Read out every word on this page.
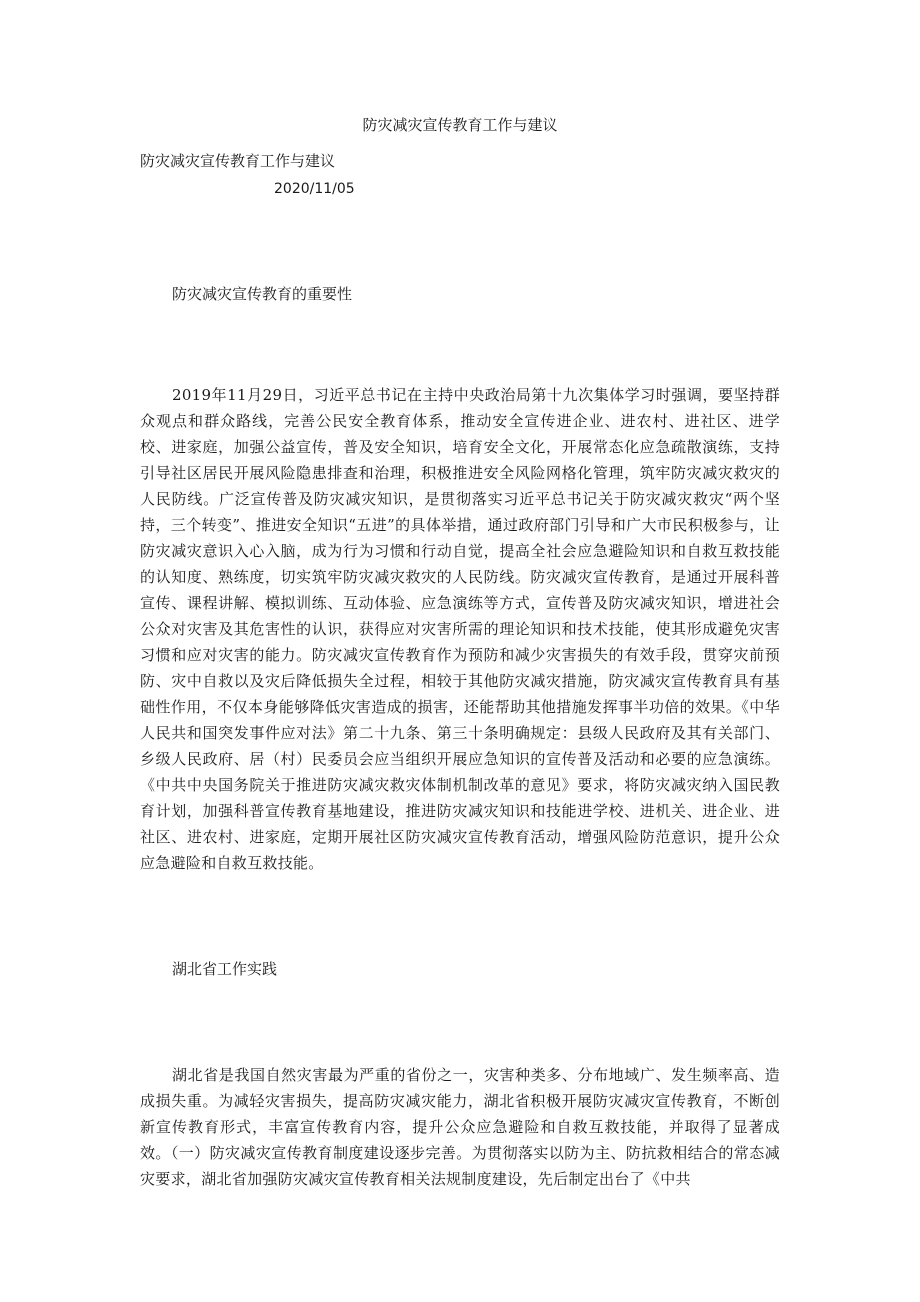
防灾减灾宣传教育工作与建议
防灾减灾宣传教育工作与建议
2020/11/05
防灾减灾宣传教育的重要性

2019年11月29日，习近平总书记在主持中央政治局第十九次集体学习时强调，要坚持群众观点和群众路线，完善公民安全教育体系，推动安全宣传进企业、进农村、进社区、进学校、进家庭，加强公益宣传，普及安全知识，培育安全文化，开展常态化应急疏散演练，支持引导社区居民开展风险隐患排查和治理，积极推进安全风险网格化管理，筑牢防灾减灾救灾的人民防线。广泛宣传普及防灾减灾知识，是贯彻落实习近平总书记关于防灾减灾救灾“两个坚持，三个转变”、推进安全知识“五进”的具体举措，通过政府部门引导和广大市民积极参与，让防灾减灾意识入心入脑，成为行为习惯和行动自觉，提高全社会应急避险知识和自救互救技能的认知度、熟练度，切实筑牢防灾减灾救灾的人民防线。防灾减灾宣传教育，是通过开展科普宣传、课程讲解、模拟训练、互动体验、应急演练等方式，宣传普及防灾减灾知识，增进社会公众对灾害及其危害性的认识，获得应对灾害所需的理论知识和技术技能，使其形成避免灾害习惯和应对灾害的能力。防灾减灾宣传教育作为预防和减少灾害损失的有效手段，贯穿灾前预防、灾中自救以及灾后降低损失全过程，相较于其他防灾减灾措施，防灾减灾宣传教育具有基础性作用，不仅本身能够降低灾害造成的损害，还能帮助其他措施发挥事半功倍的效果。《中华人民共和国突发事件应对法》第二十九条、第三十条明确规定：县级人民政府及其有关部门、乡级人民政府、居（村）民委员会应当组织开展应急知识的宣传普及活动和必要的应急演练。《中共中央国务院关于推进防灾减灾救灾体制机制改革的意见》要求，将防灾减灾纳入国民教育计划，加强科普宣传教育基地建设，推进防灾减灾知识和技能进学校、进机关、进企业、进社区、进农村、进家庭，定期开展社区防灾减灾宣传教育活动，增强风险防范意识，提升公众应急避险和自救互救技能。

湖北省工作实践

湖北省是我国自然灾害最为严重的省份之一，灾害种类多、分布地域广、发生频率高、造成损失重。为减轻灾害损失，提高防灾减灾能力，湖北省积极开展防灾减灾宣传教育，不断创新宣传教育形式，丰富宣传教育内容，提升公众应急避险和自救互救技能，并取得了显著成效。（一）防灾减灾宣传教育制度建设逐步完善。为贯彻落实以防为主、防抗救相结合的常态减灾要求，湖北省加强防灾减灾宣传教育相关法规制度建设，先后制定出台了《中共
